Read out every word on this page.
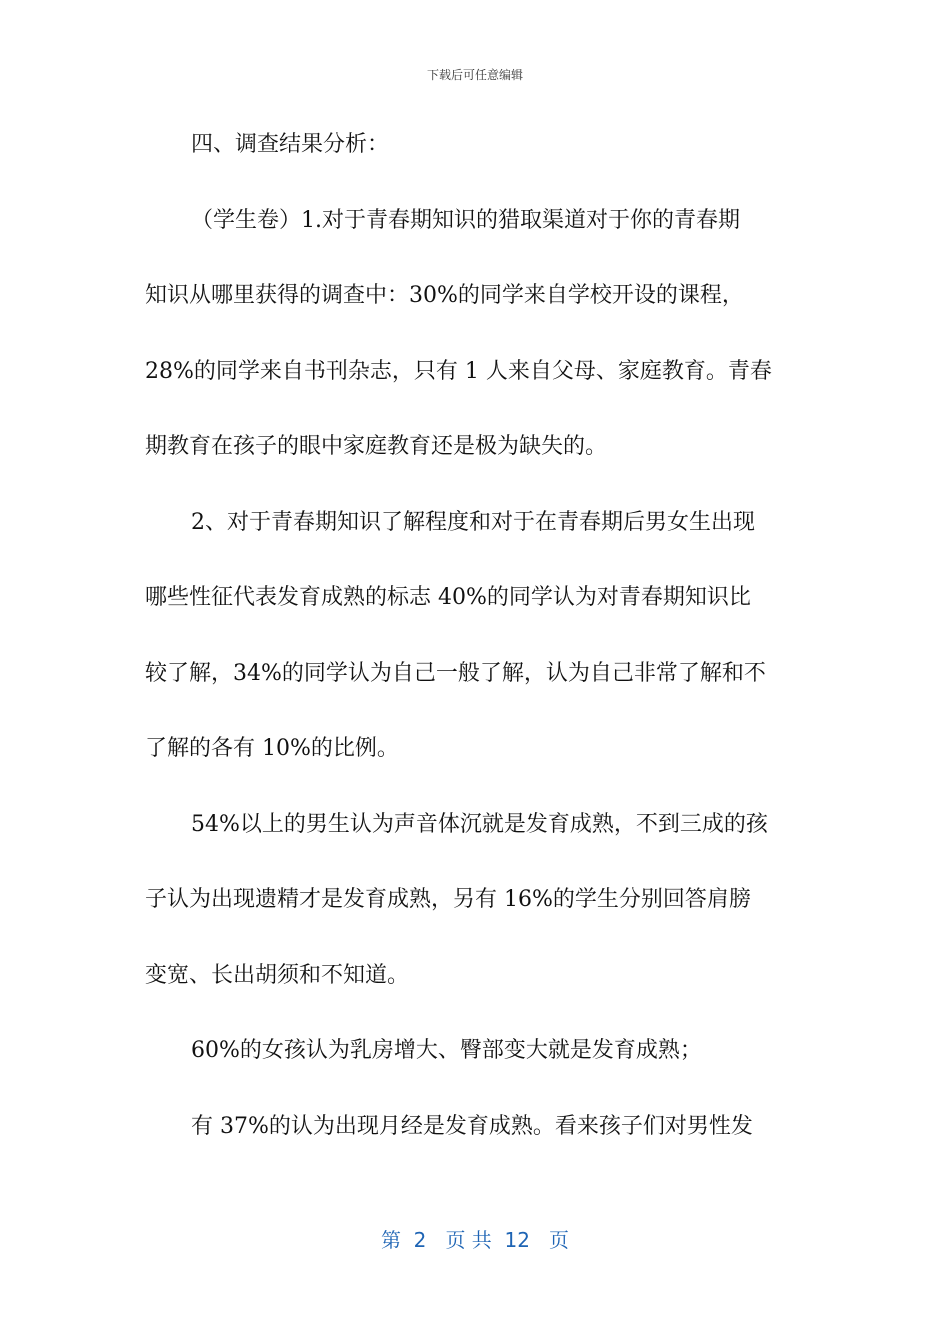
下载后可任意编辑
四、调查结果分析：
（学生卷）1.对于青春期知识的猎取渠道对于你的青春期
知识从哪里获得的调查中：30%的同学来自学校开设的课程，
28%的同学来自书刊杂志，只有 1 人来自父母、家庭教育。青春
期教育在孩子的眼中家庭教育还是极为缺失的。
2、对于青春期知识了解程度和对于在青春期后男女生出现
哪些性征代表发育成熟的标志 40%的同学认为对青春期知识比
较了解，34%的同学认为自己一般了解，认为自己非常了解和不
了解的各有 10%的比例。
54%以上的男生认为声音体沉就是发育成熟，不到三成的孩
子认为出现遗精才是发育成熟，另有 16%的学生分别回答肩膀
变宽、长出胡须和不知道。
60%的女孩认为乳房增大、臀部变大就是发育成熟；
有 37%的认为出现月经是发育成熟。看来孩子们对男性发
第  2   页 共  12   页
